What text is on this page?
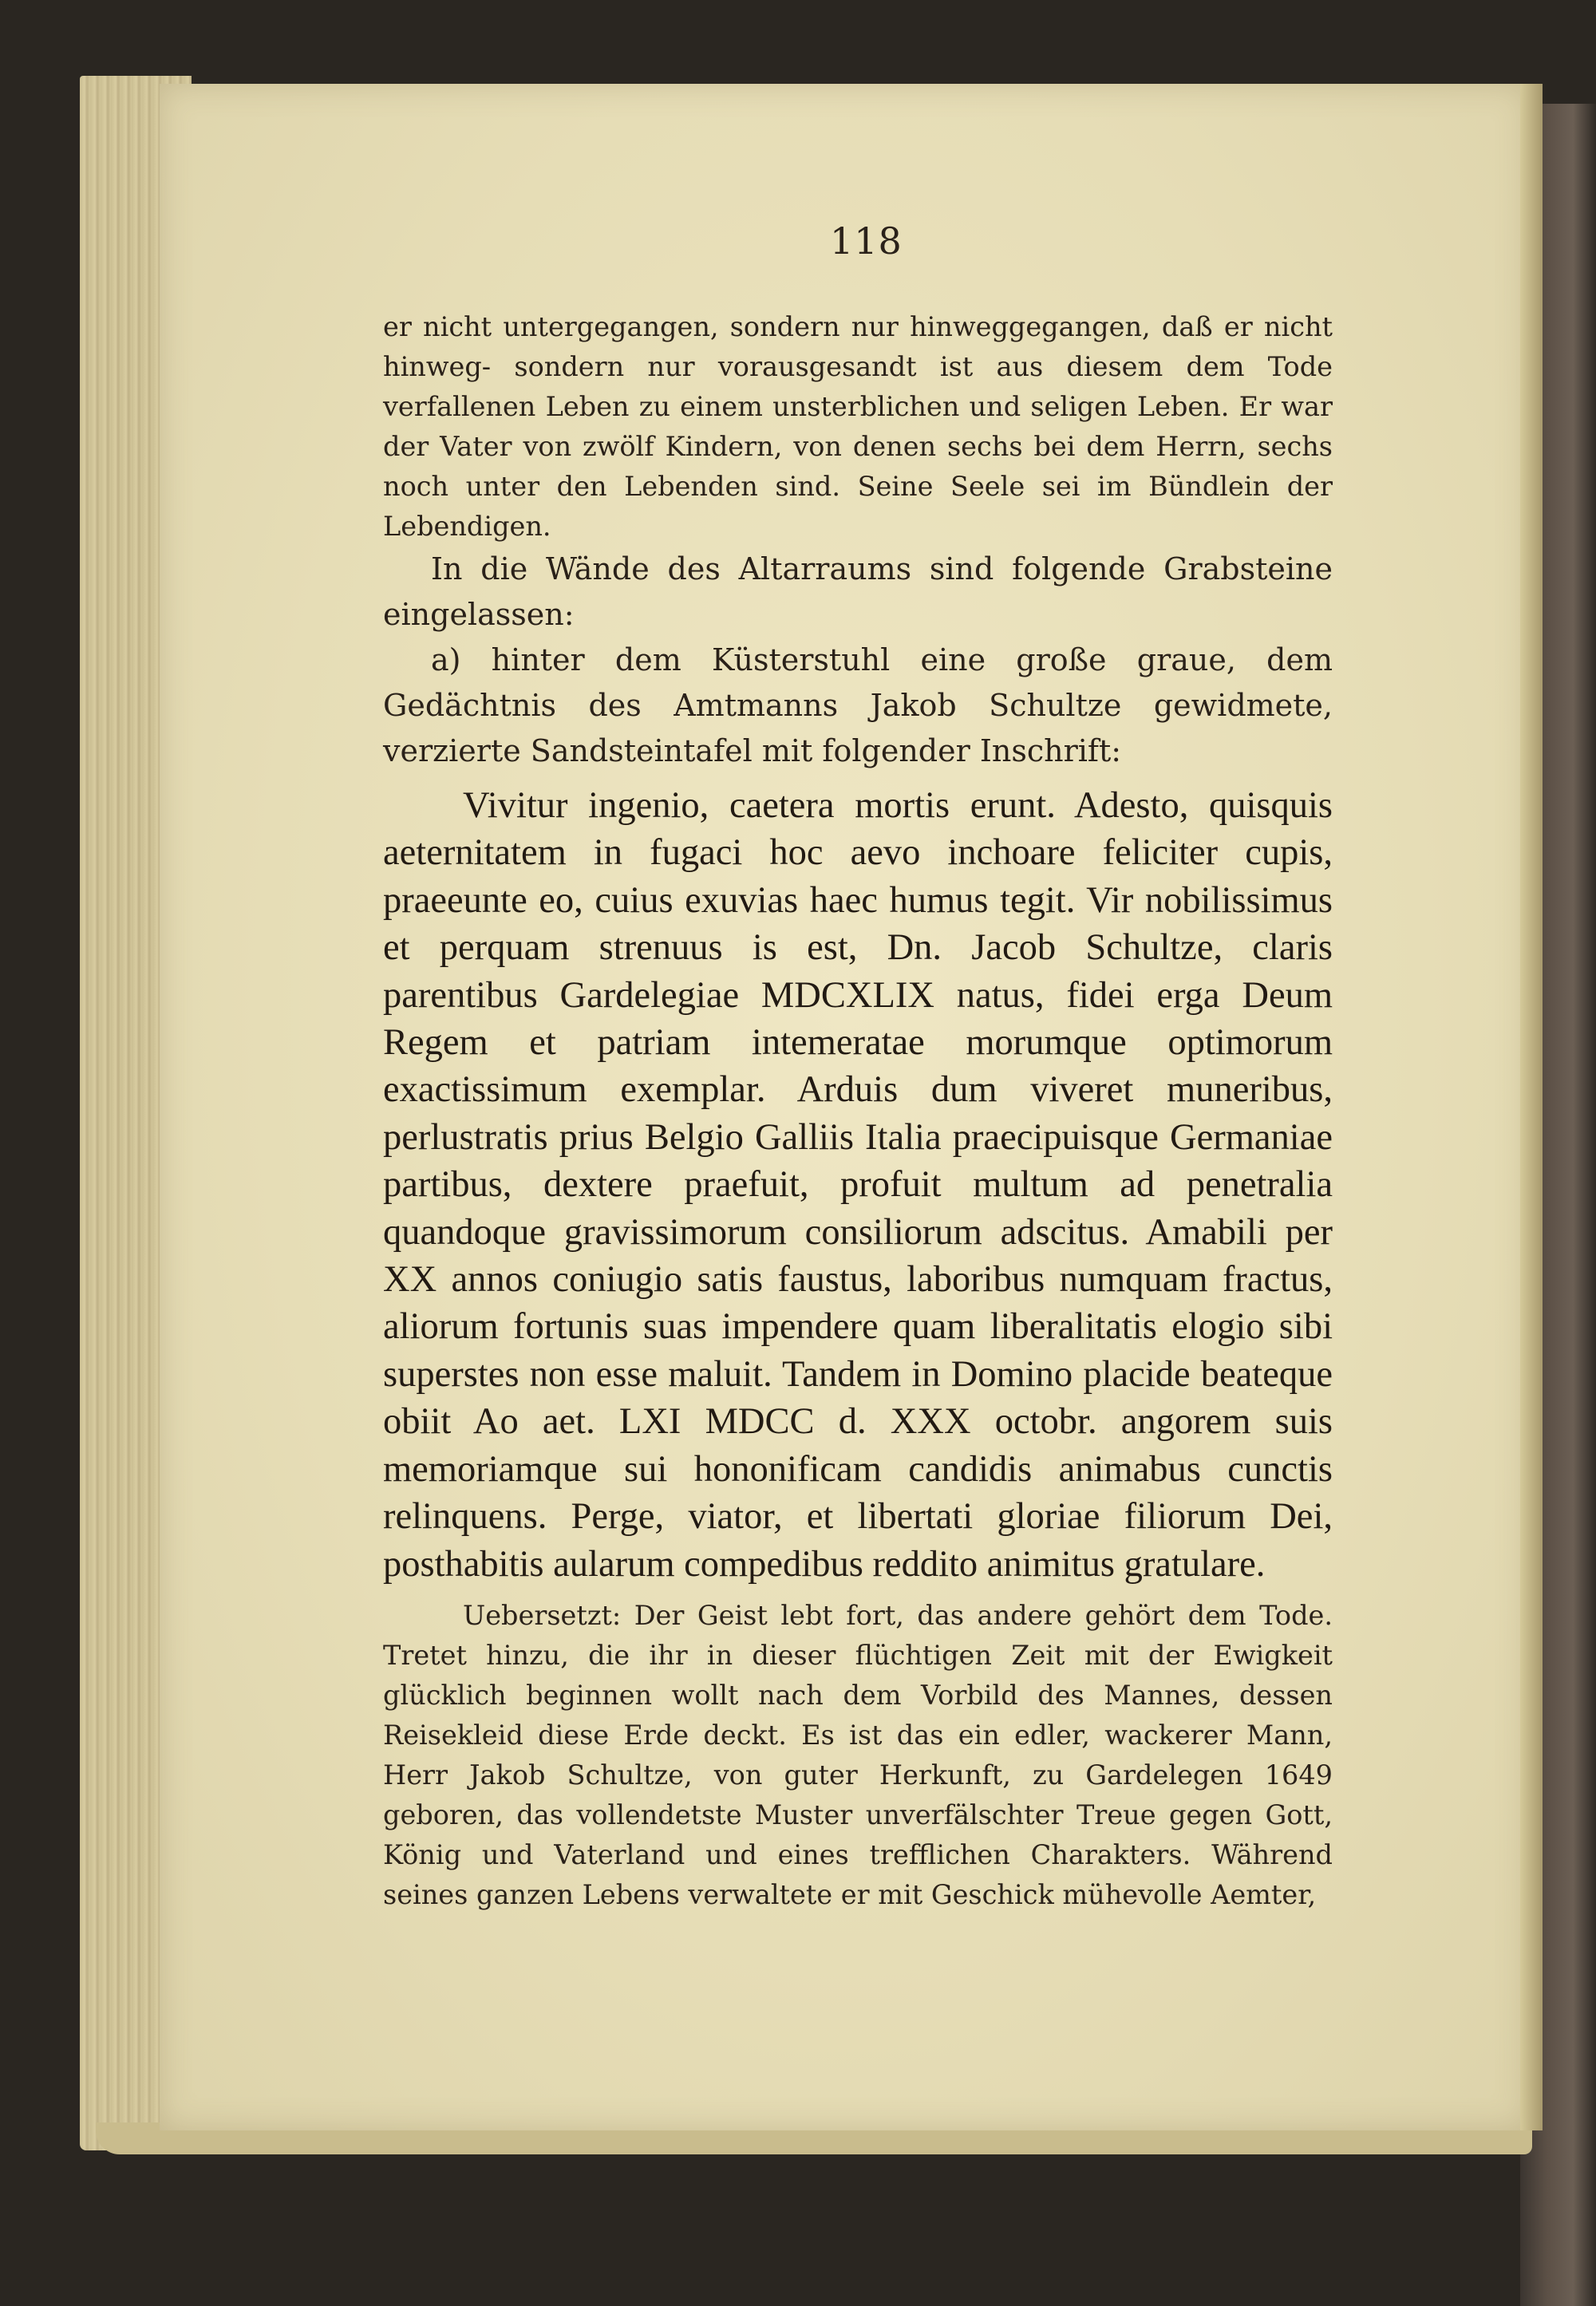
118

er nicht untergegangen, sondern nur hinweggegangen, daß er nicht hinweg- sondern nur vorausgesandt ist aus diesem dem Tode verfallenen Leben zu einem unsterblichen und seligen Leben. Er war der Vater von zwölf Kindern, von denen sechs bei dem Herrn, sechs noch unter den Lebenden sind. Seine Seele sei im Bündlein der Lebendigen.

In die Wände des Altarraums sind folgende Grabsteine eingelassen:

a) hinter dem Küsterstuhl eine große graue, dem Gedächtnis des Amtmanns Jakob Schultze gewidmete, verzierte Sandsteintafel mit folgender Inschrift:

Vivitur ingenio, caetera mortis erunt. Adesto, quisquis aeternitatem in fugaci hoc aevo inchoare feliciter cupis, praeeunte eo, cuius exuvias haec humus tegit. Vir nobilissimus et perquam strenuus is est, Dn. Jacob Schultze, claris parentibus Gardelegiae MDCXLIX natus, fidei erga Deum Regem et patriam intemeratae morumque optimorum exactissimum exemplar. Arduis dum viveret muneribus, perlustratis prius Belgio Galliis Italia praecipuisque Germaniae partibus, dextere praefuit, profuit multum ad penetralia quandoque gravissimorum consiliorum adscitus. Amabili per XX annos coniugio satis faustus, laboribus numquam fractus, aliorum fortunis suas impendere quam liberalitatis elogio sibi superstes non esse maluit. Tandem in Domino placide beateque obiit Ao aet. LXI MDCC d. XXX octobr. angorem suis memoriamque sui hononificam candidis animabus cunctis relinquens. Perge, viator, et libertati gloriae filiorum Dei, posthabitis aularum compedibus reddito animitus gratulare.

Uebersetzt: Der Geist lebt fort, das andere gehört dem Tode. Tretet hinzu, die ihr in dieser flüchtigen Zeit mit der Ewigkeit glücklich beginnen wollt nach dem Vorbild des Mannes, dessen Reisekleid diese Erde deckt. Es ist das ein edler, wackerer Mann, Herr Jakob Schultze, von guter Herkunft, zu Gardelegen 1649 geboren, das vollendetste Muster unverfälschter Treue gegen Gott, König und Vaterland und eines trefflichen Charakters. Während seines ganzen Lebens verwaltete er mit Geschick mühevolle Aemter,
